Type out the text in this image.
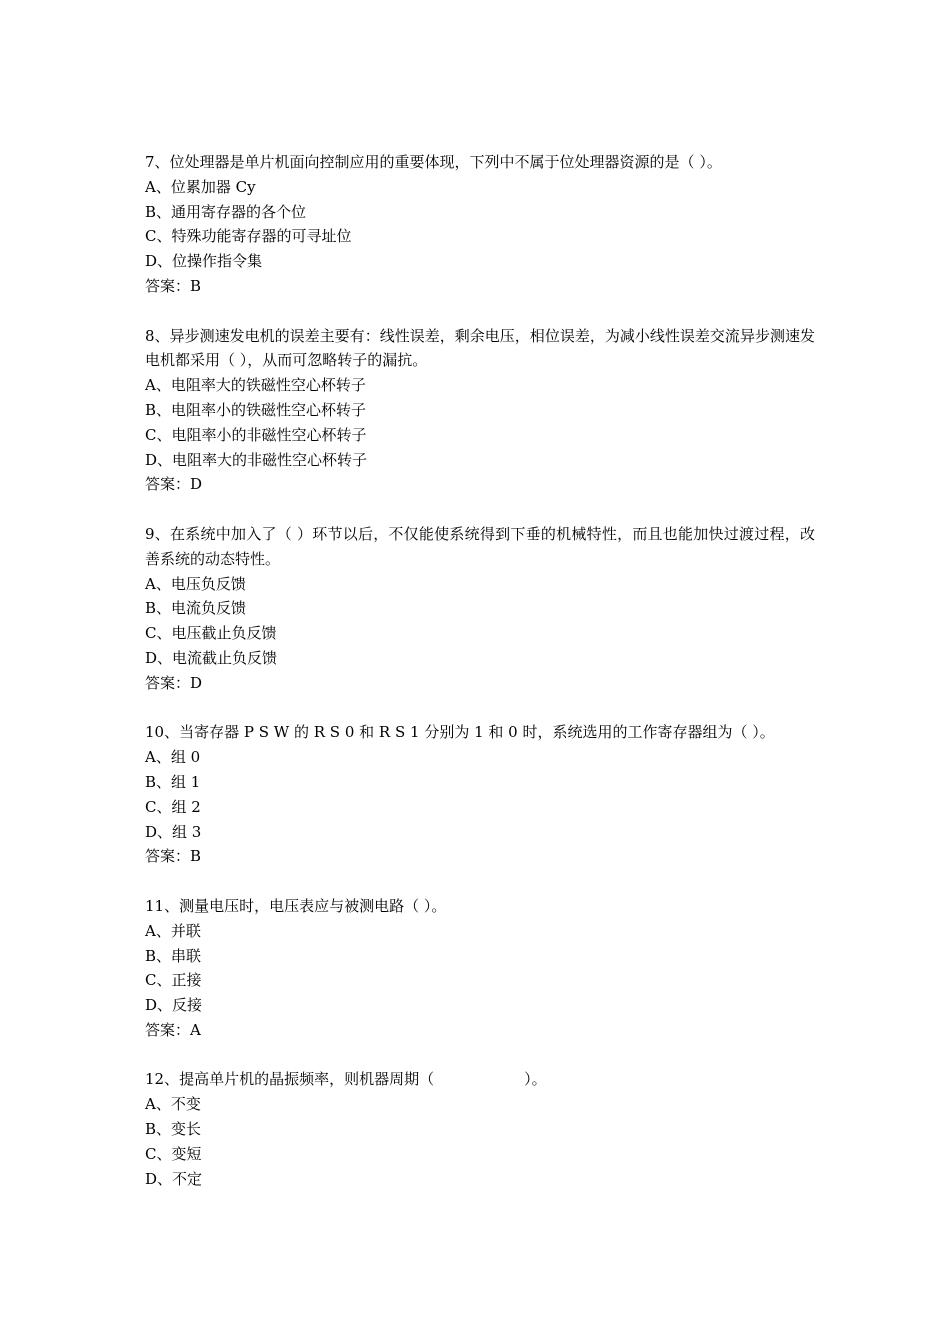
7、位处理器是单片机面向控制应用的重要体现，下列中不属于位处理器资源的是（ ）。

A、位累加器 Cy

B、通用寄存器的各个位

C、特殊功能寄存器的可寻址位

D、位操作指令集

答案：B

8、异步测速发电机的误差主要有：线性误差，剩余电压，相位误差，为减小线性误差交流异步测速发电机都采用（ ），从而可忽略转子的漏抗。

A、电阻率大的铁磁性空心杯转子

B、电阻率小的铁磁性空心杯转子

C、电阻率小的非磁性空心杯转子

D、电阻率大的非磁性空心杯转子

答案：D

9、在系统中加入了（ ）环节以后，不仅能使系统得到下垂的机械特性，而且也能加快过渡过程，改善系统的动态特性。

A、电压负反馈

B、电流负反馈

C、电压截止负反馈

D、电流截止负反馈

答案：D

10、当寄存器 P S W 的 R S 0 和 R S 1 分别为 1 和 0 时，系统选用的工作寄存器组为（ ）。

A、组 0

B、组 1

C、组 2

D、组 3

答案：B

11、测量电压时，电压表应与被测电路（ ）。

A、并联

B、串联

C、正接

D、反接

答案：A

12、提高单片机的晶振频率，则机器周期（　　　　　　）。

A、不变

B、变长

C、变短

D、不定
